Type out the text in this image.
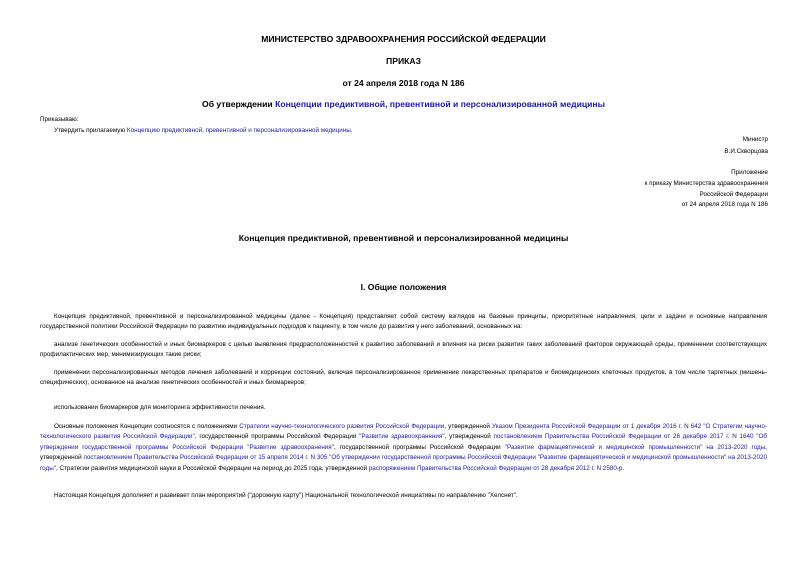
МИНИСТЕРСТВО ЗДРАВООХРАНЕНИЯ РОССИЙСКОЙ ФЕДЕРАЦИИ
ПРИКАЗ
от 24 апреля 2018 года N 186
Об утверждении Концепции предиктивной, превентивной и персонализированной медицины
Приказываю:
Утвердить прилагаемую Концепцию предиктивной, превентивной и персонализированной медицины.
Министр
В.И.Скворцова
Приложение
к приказу Министерства здравоохранения
Российской Федерации
от 24 апреля 2018 года N 186
Концепция предиктивной, превентивной и персонализированной медицины
I. Общие положения
Концепция предиктивной, превентивной и персонализированной медицины (далее - Концепция) представляет собой систему взглядов на базовые принципы, приоритетные направления, цели и задачи и основные направления государственной политики Российской Федерации по развитию индивидуальных подходов к пациенту, в том числе до развития у него заболеваний, основанных на:
анализе генетических особенностей и иных биомаркеров с целью выявления предрасположенностей к развитию заболеваний и влияния на риски развития таких заболеваний факторов окружающей среды, применении соответствующих профилактических мер, минимизирующих такие риски;
применении персонализированных методов лечения заболеваний и коррекции состояний, включая персонализированное применение лекарственных препаратов и биомедицинских клеточных продуктов, в том числе таргетных (мишень-специфических), основанное на анализе генетических особенностей и иных биомаркеров;
использовании биомаркеров для мониторинга эффективности лечения.
Основные положения Концепции соотносятся с положениями Стратегии научно-технологического развития Российской Федерации, утвержденной Указом Президента Российской Федерации от 1 декабря 2016 г. N 642 "О Стратегии научно-технологического развития Российской Федерации", государственной программы Российской Федерации "Развитие здравоохранения", утвержденной постановлением Правительства Российской Федерации от 26 декабря 2017 г. N 1640 "Об утверждении государственной программы Российской Федерации "Развитие здравоохранения", государственной программы Российской Федерации "Развитие фармацевтической и медицинской промышленности" на 2013-2020 годы, утвержденной постановлением Правительства Российской Федерации от 15 апреля 2014 г. N 305 "Об утверждении государственной программы Российской Федерации "Развитие фармацевтической и медицинской промышленности" на 2013-2020 годы", Стратегии развития медицинской науки в Российской Федерации на период до 2025 года, утвержденной распоряжением Правительства Российской Федерации от 28 декабря 2012 г. N 2580-р.
Настоящая Концепция дополняет и развивает план мероприятий ("дорожную карту") Национальной технологической инициативы по направлению "Хелснет".
